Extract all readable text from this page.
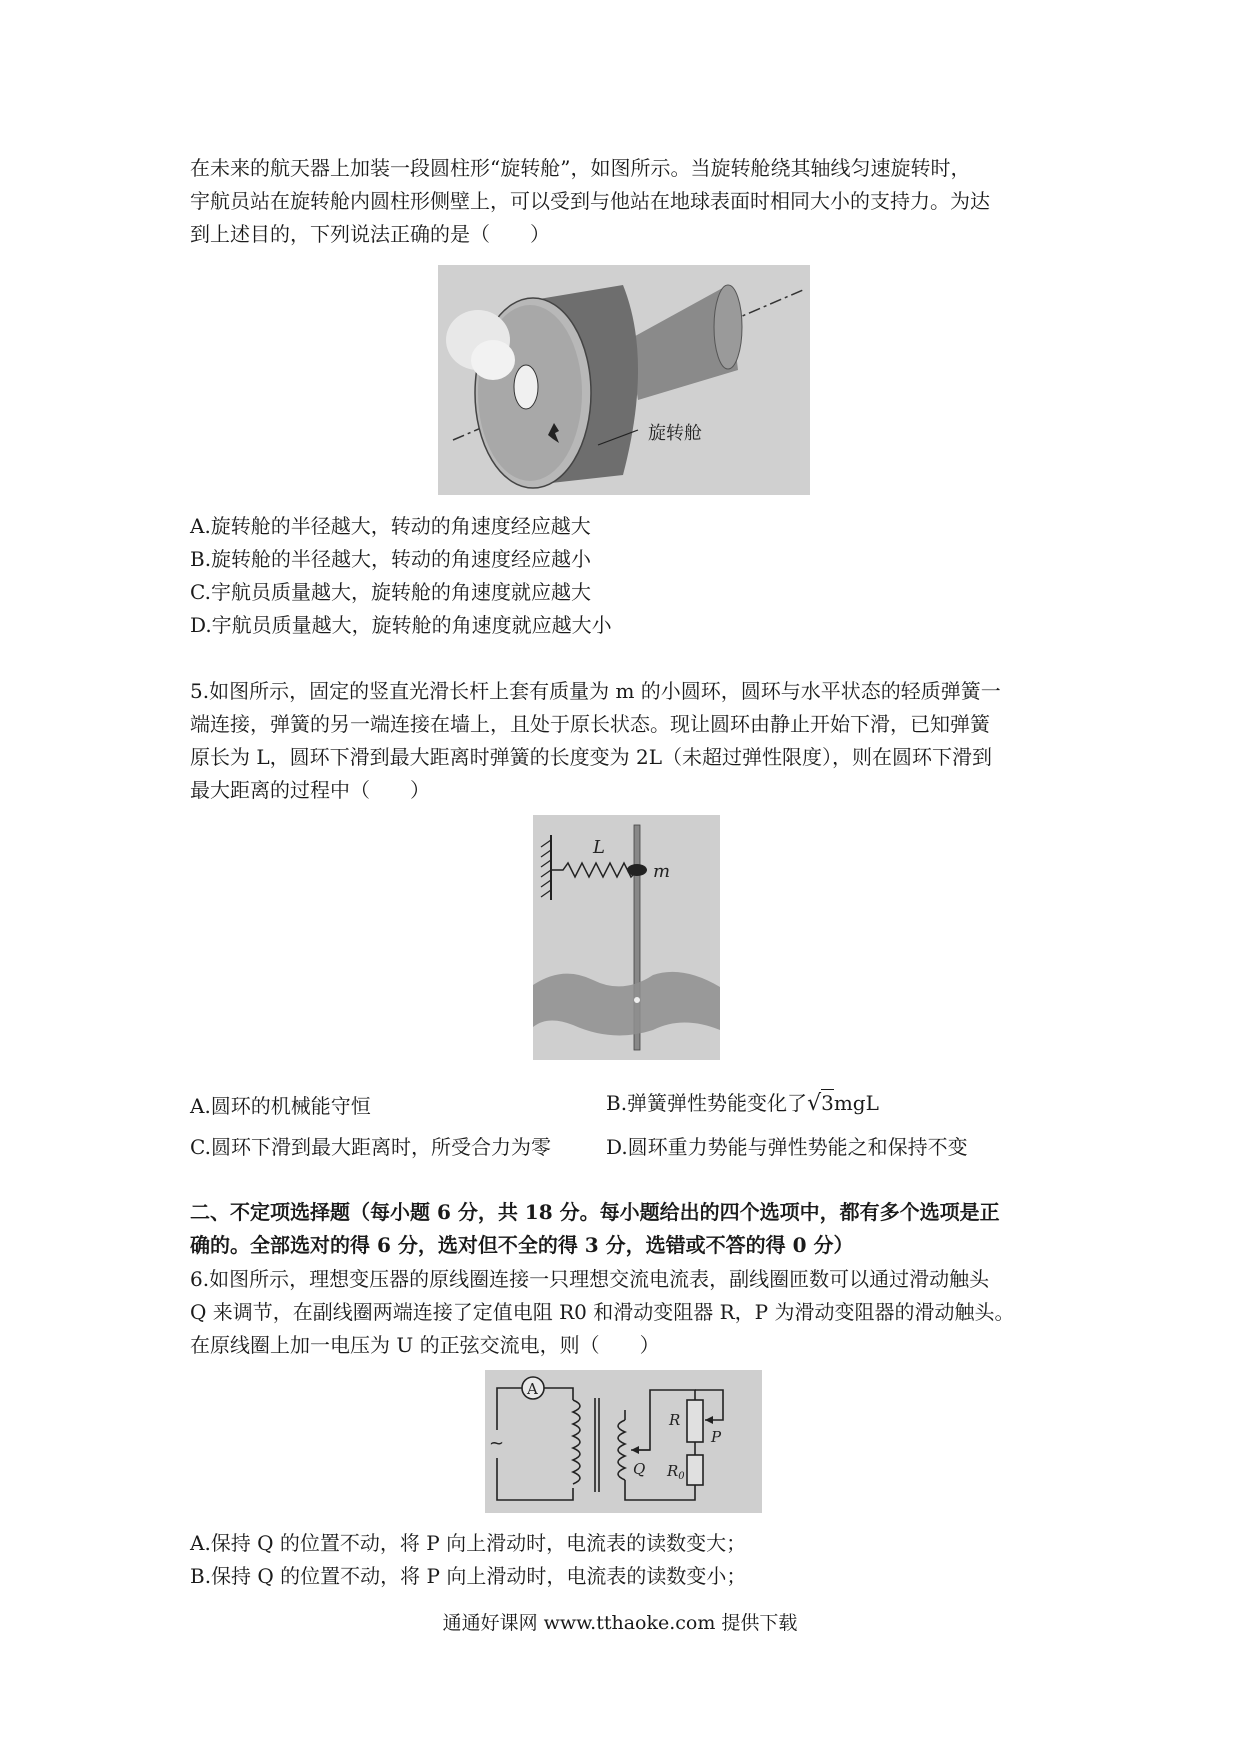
在未来的航天器上加装一段圆柱形“旋转舱”，如图所示。当旋转舱绕其轴线匀速旋转时，
宇航员站在旋转舱内圆柱形侧壁上，可以受到与他站在地球表面时相同大小的支持力。为达
到上述目的，下列说法正确的是（　　）
旋转舱
A.旋转舱的半径越大，转动的角速度经应越大
B.旋转舱的半径越大，转动的角速度经应越小
C.宇航员质量越大，旋转舱的角速度就应越大
D.宇航员质量越大，旋转舱的角速度就应越大小
5.如图所示，固定的竖直光滑长杆上套有质量为 m 的小圆环，圆环与水平状态的轻质弹簧一
端连接，弹簧的另一端连接在墙上，且处于原长状态。现让圆环由静止开始下滑，已知弹簧
原长为 L，圆环下滑到最大距离时弹簧的长度变为 2L（未超过弹性限度），则在圆环下滑到
最大距离的过程中（　　）
L
m
A.圆环的机械能守恒	B.弹簧弹性势能变化了√3mgL
C.圆环下滑到最大距离时，所受合力为零	D.圆环重力势能与弹性势能之和保持不变
二、不定项选择题（每小题 6 分，共 18 分。每小题给出的四个选项中，都有多个选项是正
确的。全部选对的得 6 分，选对但不全的得 3 分，选错或不答的得 0 分）
6.如图所示，理想变压器的原线圈连接一只理想交流电流表，副线圈匝数可以通过滑动触头
Q 来调节，在副线圈两端连接了定值电阻 R0 和滑动变阻器 R，P 为滑动变阻器的滑动触头。
在原线圈上加一电压为 U 的正弦交流电，则（　　）
~
A
R
P
Q $R_0$
A.保持 Q 的位置不动，将 P 向上滑动时，电流表的读数变大；
B.保持 Q 的位置不动，将 P 向上滑动时，电流表的读数变小；
通通好课网 www.tthaoke.com 提供下载
